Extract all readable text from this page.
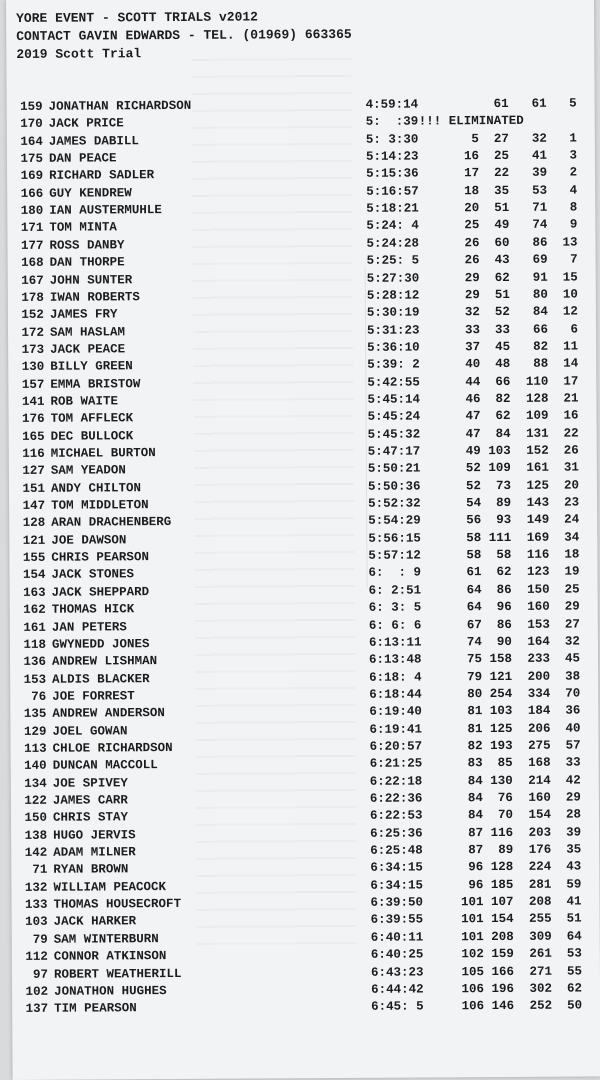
YORE EVENT - SCOTT TRIALS v2012
CONTACT GAVIN EDWARDS - TEL. (01969) 663365
2019 Scott Trial
159 JONATHAN RICHARDSON	4:59:14	61	61	5
170 JACK PRICE	5:  :39 !!! ELIMINATED
164 JAMES DABILL	5: 3:30	5	27	32	1
175 DAN PEACE	5:14:23	16	25	41	3
169 RICHARD SADLER	5:15:36	17	22	39	2
166 GUY KENDREW	5:16:57	18	35	53	4
180 IAN AUSTERMUHLE	5:18:21	20	51	71	8
171 TOM MINTA	5:24: 4	25	49	74	9
177 ROSS DANBY	5:24:28	26	60	86	13
168 DAN THORPE	5:25: 5	26	43	69	7
167 JOHN SUNTER	5:27:30	29	62	91	15
178 IWAN ROBERTS	5:28:12	29	51	80	10
152 JAMES FRY	5:30:19	32	52	84	12
172 SAM HASLAM	5:31:23	33	33	66	6
173 JACK PEACE	5:36:10	37	45	82	11
130 BILLY GREEN	5:39: 2	40	48	88	14
157 EMMA BRISTOW	5:42:55	44	66	110	17
141 ROB WAITE	5:45:14	46	82	128	21
176 TOM AFFLECK	5:45:24	47	62	109	16
165 DEC BULLOCK	5:45:32	47	84	131	22
116 MICHAEL BURTON	5:47:17	49 103	152	26
127 SAM YEADON	5:50:21	52 109	161	31
151 ANDY CHILTON	5:50:36	52	73	125	20
147 TOM MIDDLETON	5:52:32	54	89	143	23
128 ARAN DRACHENBERG	5:54:29	56	93	149	24
121 JOE DAWSON	5:56:15	58 111	169	34
155 CHRIS PEARSON	5:57:12	58	58	116	18
154 JACK STONES	6:  : 9	61	62	123	19
163 JACK SHEPPARD	6: 2:51	64	86	150	25
162 THOMAS HICK	6: 3: 5	64	96	160	29
161 JAN PETERS	6: 6: 6	67	86	153	27
118 GWYNEDD JONES	6:13:11	74	90	164	32
136 ANDREW LISHMAN	6:13:48	75 158	233	45
153 ALDIS BLACKER	6:18: 4	79 121	200	38
76 JOE FORREST	6:18:44	80 254	334	70
135 ANDREW ANDERSON	6:19:40	81 103	184	36
129 JOEL GOWAN	6:19:41	81 125	206	40
113 CHLOE RICHARDSON	6:20:57	82 193	275	57
140 DUNCAN MACCOLL	6:21:25	83	85	168	33
134 JOE SPIVEY	6:22:18	84 130	214	42
122 JAMES CARR	6:22:36	84	76	160	29
150 CHRIS STAY	6:22:53	84	70	154	28
138 HUGO JERVIS	6:25:36	87 116	203	39
142 ADAM MILNER	6:25:48	87	89	176	35
71 RYAN BROWN	6:34:15	96 128	224	43
132 WILLIAM PEACOCK	6:34:15	96 185	281	59
133 THOMAS HOUSECROFT	6:39:50	101 107	208	41
103 JACK HARKER	6:39:55	101 154	255	51
79 SAM WINTERBURN	6:40:11	101 208	309	64
112 CONNOR ATKINSON	6:40:25	102 159	261	53
97 ROBERT WEATHERILL	6:43:23	105 166	271	55
102 JONATHON HUGHES	6:44:42	106 196	302	62
137 TIM PEARSON	6:45: 5	106 146	252	50
